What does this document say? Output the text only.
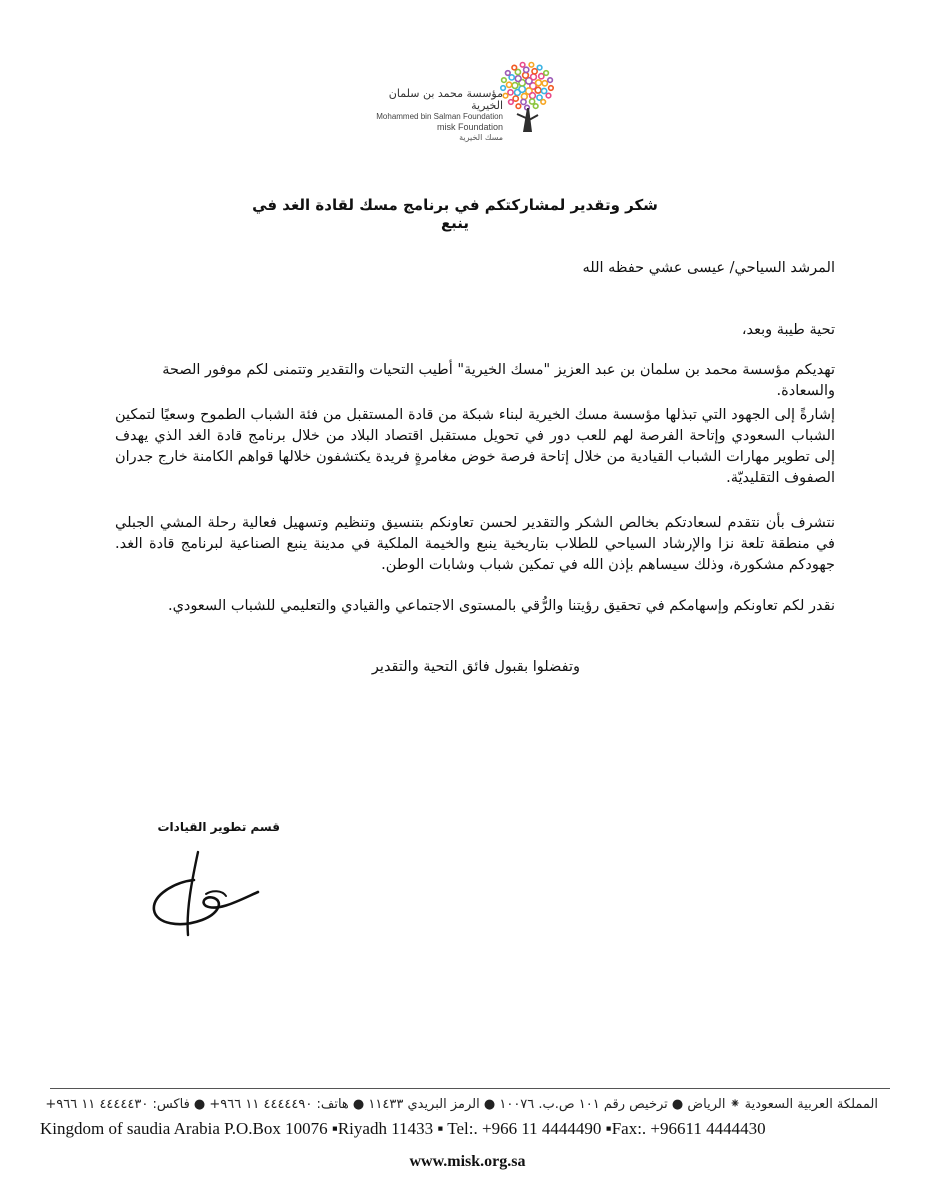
مؤسسة محمد بن سلمان الخيرية
Mohammed bin Salman Foundation
misk Foundation
مسك الخيرية
شكر وتقدير لمشاركتكم في برنامج مسك لقادة الغد في ينبع
المرشد السياحي/ عيسى عشي حفظه الله
تحية طيبة وبعد،
تهديكم مؤسسة محمد بن سلمان بن عبد العزيز "مسك الخيرية" أطيب التحيات والتقدير وتتمنى لكم موفور الصحة والسعادة.
إشارةً إلى الجهود التي تبذلها مؤسسة مسك الخيرية لبناء شبكة من قادة المستقبل من فئة الشباب الطموح وسعيًا لتمكين الشباب السعودي وإتاحة الفرصة لهم للعب دور في تحويل مستقبل اقتصاد البلاد من خلال برنامج قادة الغد الذي يهدف إلى تطوير مهارات الشباب القيادية من خلال إتاحة فرصة خوض مغامرةٍ فريدة يكتشفون خلالها قواهم الكامنة خارج جدران الصفوف التقليديّة.
نتشرف بأن نتقدم لسعادتكم بخالص الشكر والتقدير لحسن تعاونكم بتنسيق وتنظيم وتسهيل فعالية رحلة المشي الجبلي في منطقة تلعة نزا والإرشاد السياحي للطلاب بتاريخية ينبع والخيمة الملكية في مدينة ينبع الصناعية لبرنامج قادة الغد. جهودكم مشكورة، وذلك سيساهم بإذن الله في تمكين شباب وشابات الوطن.
نقدر لكم تعاونكم وإسهامكم في تحقيق رؤيتنا والرُّقي بالمستوى الاجتماعي والقيادي والتعليمي للشباب السعودي.
وتفضلوا بقبول فائق التحية والتقدير
قسم تطوير القيادات
المملكة العربية السعودية ⁕ الرياض ● ترخيص رقم ١٠١ ص.ب. ١٠٠٧٦ ● الرمز البريدي ١١٤٣٣ ● هاتف: ٤٤٤٤٤٩٠ ١١ ٩٦٦+ ● فاكس: ٤٤٤٤٤٣٠ ١١ ٩٦٦+
Kingdom of saudia Arabia P.O.Box 10076 ▪Riyadh 11433 ▪ Tel:. +966 11 4444490 ▪Fax:. +96611 4444430
www.misk.org.sa
